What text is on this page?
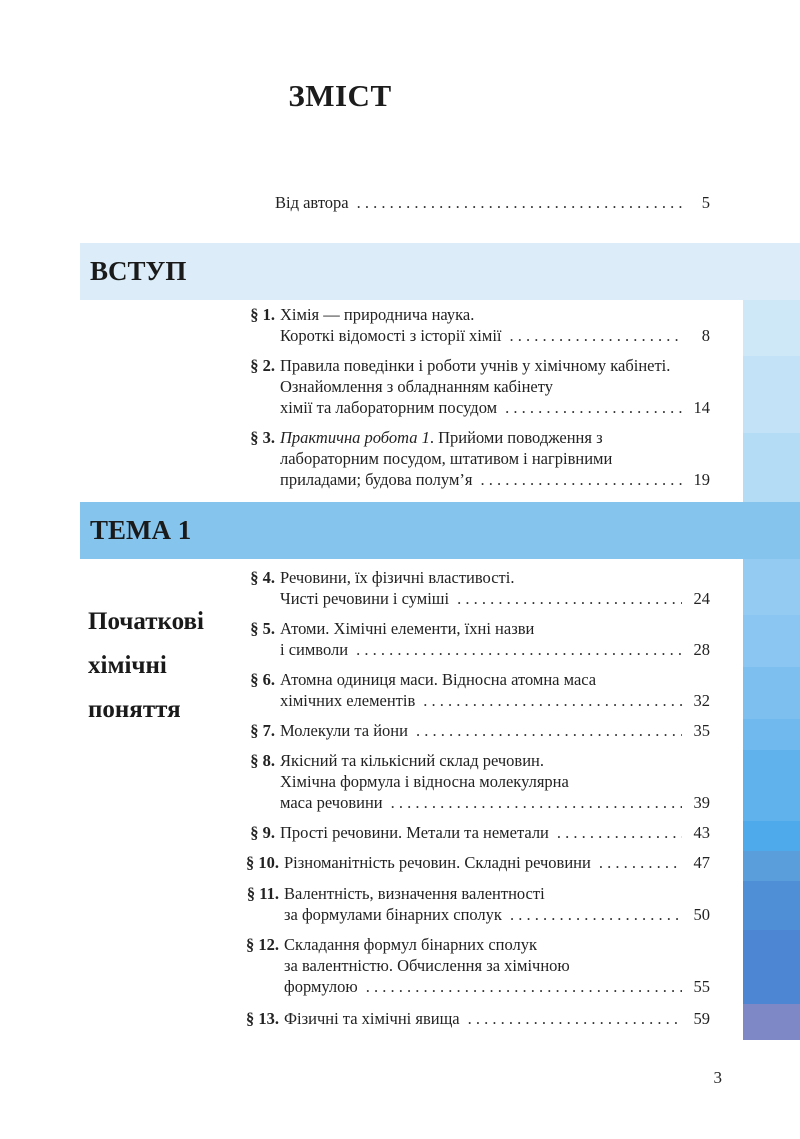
ЗМІСТ
Від автора . . .	5
ВСТУП
§ 1. Хімія — природнича наука.
Короткі відомості з історії хімії . . .	8
§ 2. Правила поведінки і роботи учнів у хімічному кабінеті.
Ознайомлення з обладнанням кабінету
хімії та лабораторним посудом . . .	14
§ 3. Практична робота 1 . Прийоми поводження з
лабораторним посудом, штативом і нагрівними
приладами; будова полум’я . . .	19
ТЕМА 1
Початкові
хімічні
поняття
§ 4. Речовини, їх фізичні властивості.
Чисті речовини і суміші . . .	24
§ 5. Атоми. Хімічні елементи, їхні назви
і символи . . .	28
§ 6. Атомна одиниця маси. Відносна атомна маса
хімічних елементів . . .	32
§ 7. Молекули та йони . . .	35
§ 8. Якісний та кількісний склад речовин.
Хімічна формула і відносна молекулярна
маса речовини . . .	39
§ 9. Прості речовини. Метали та неметали . . .	43
§ 10. Різноманітність речовин. Складні речовини . . .	47
§ 11. Валентність, визначення валентності
за формулами бінарних сполук . . .	50
§ 12. Складання формул бінарних сполук
за валентністю. Обчислення за хімічною
формулою . . .	55
§ 13. Фізичні та хімічні явища . . .	59
3
